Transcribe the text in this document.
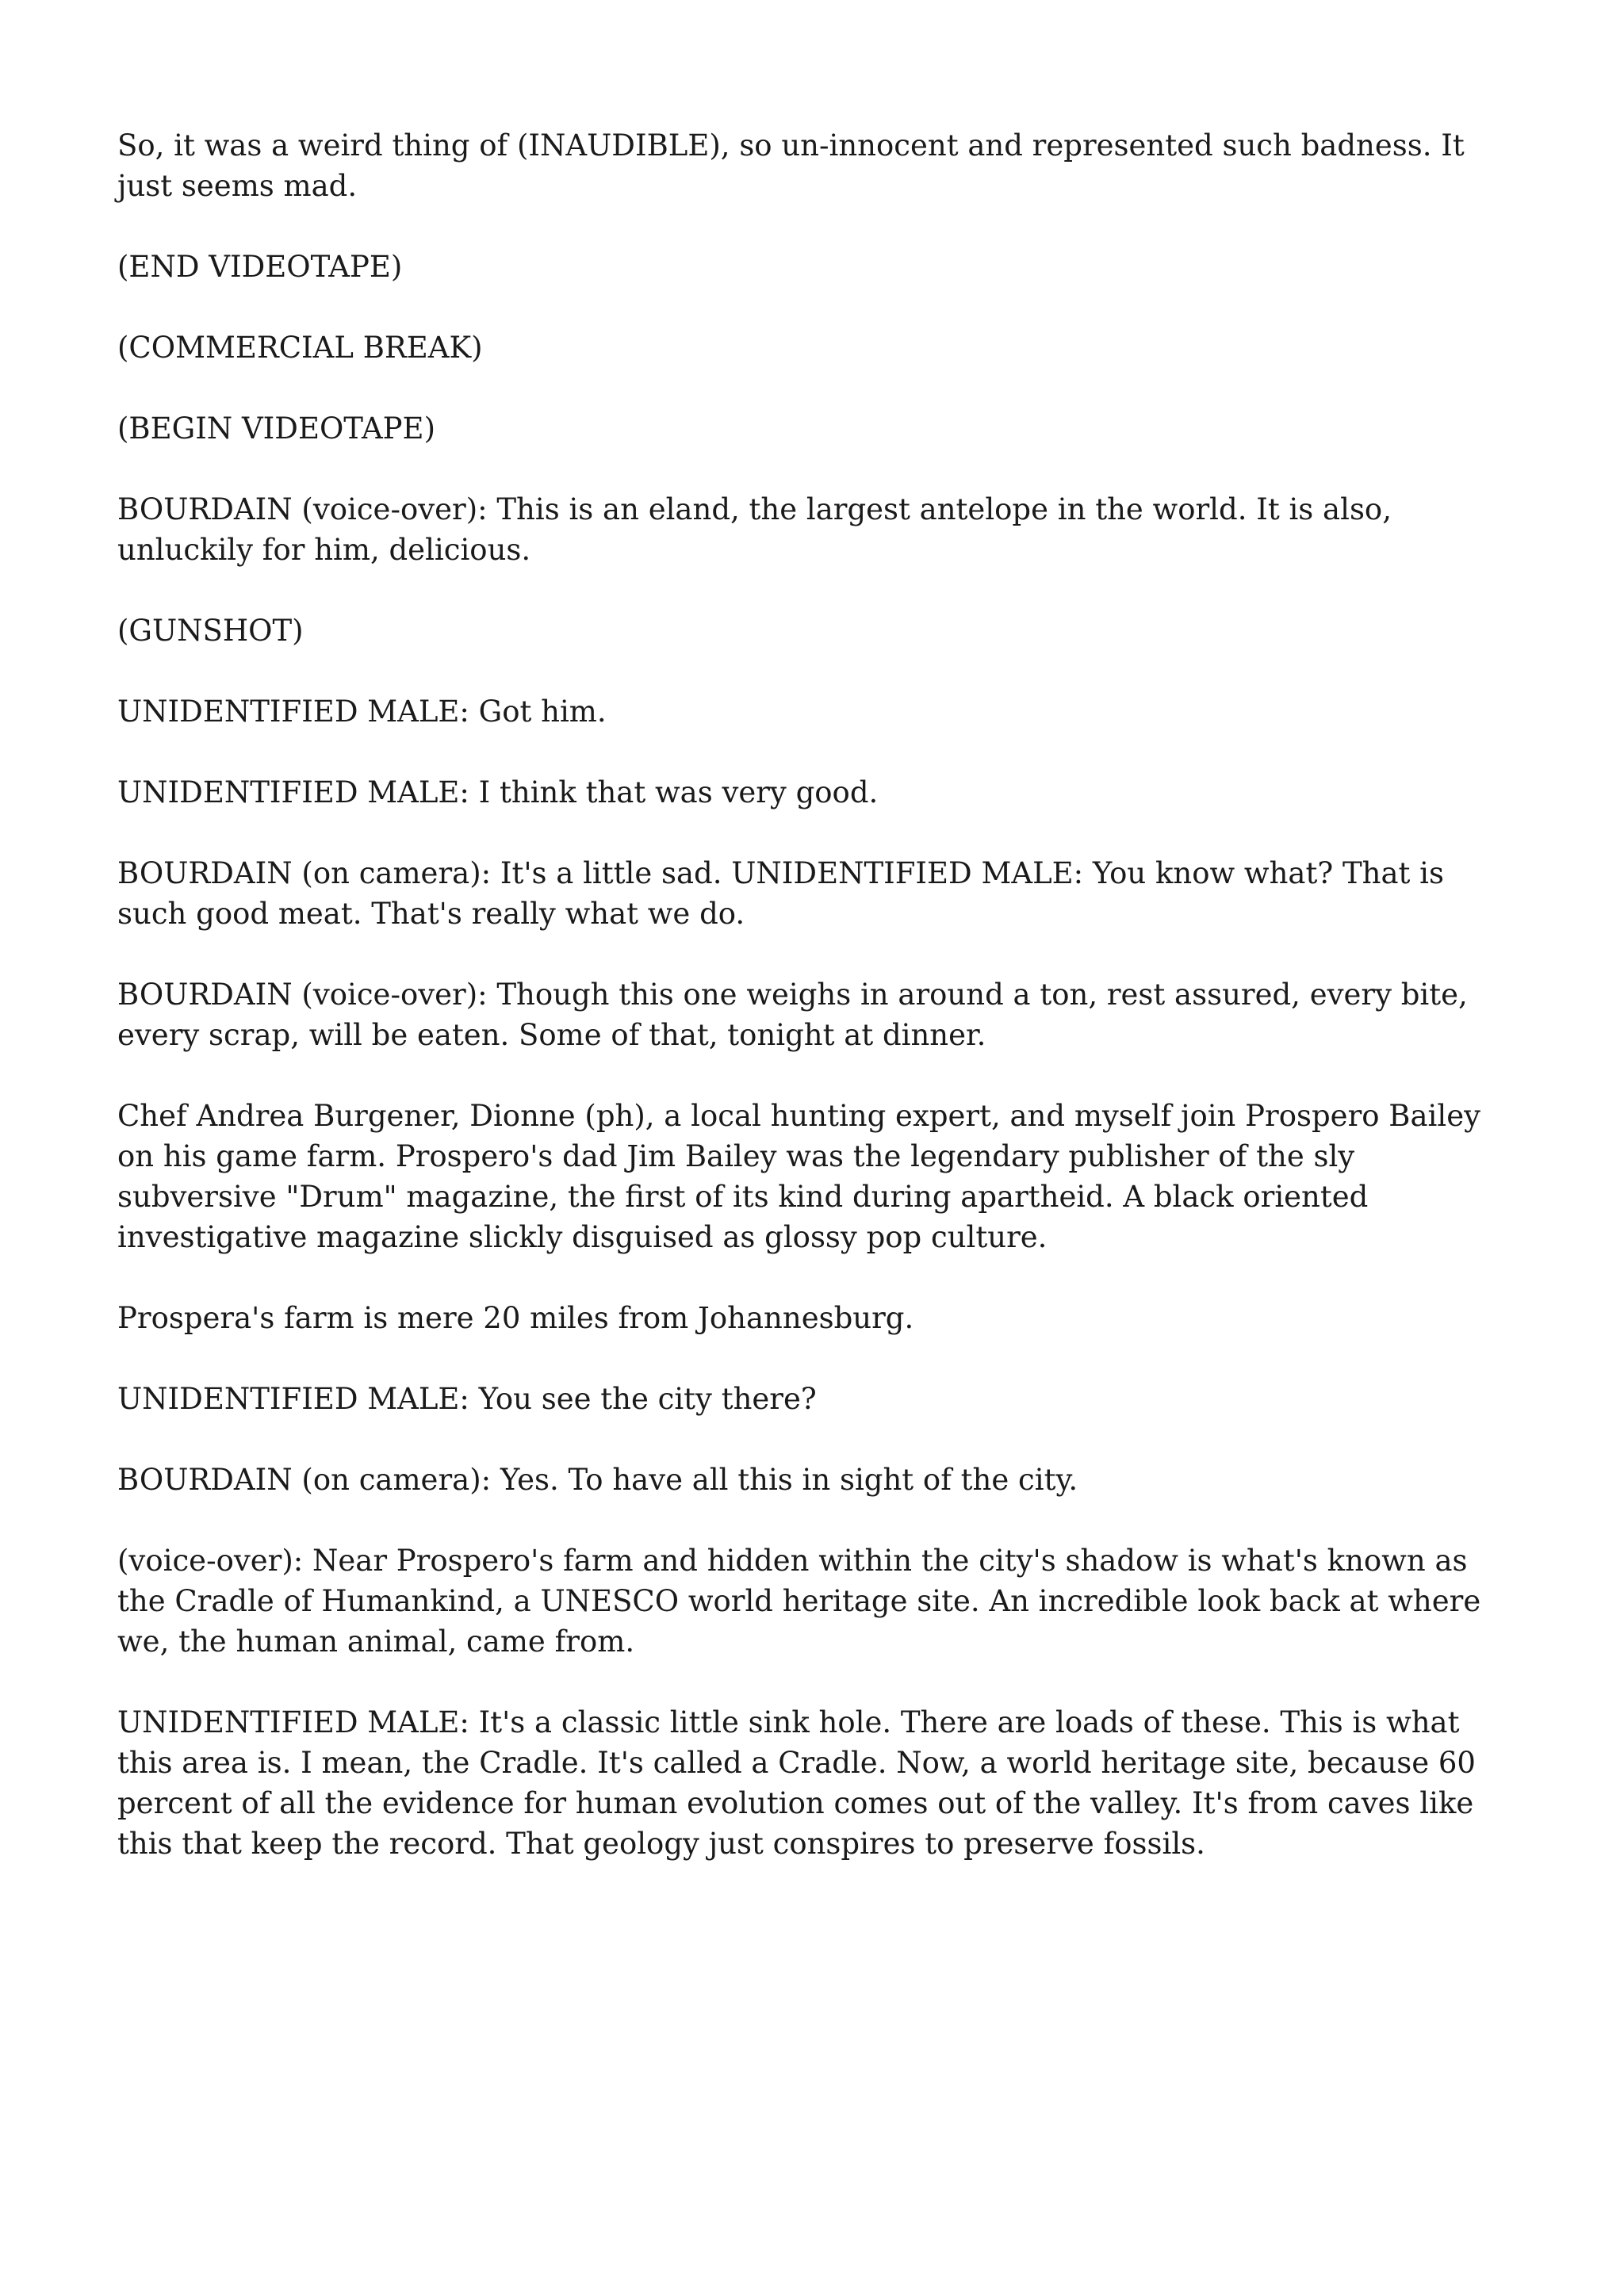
So, it was a weird thing of (INAUDIBLE), so un-innocent and represented such badness. It just seems mad.

(END VIDEOTAPE)

(COMMERCIAL BREAK)

(BEGIN VIDEOTAPE)

BOURDAIN (voice-over): This is an eland, the largest antelope in the world. It is also, unluckily for him, delicious.

(GUNSHOT)

UNIDENTIFIED MALE: Got him.

UNIDENTIFIED MALE: I think that was very good.

BOURDAIN (on camera): It's a little sad. UNIDENTIFIED MALE: You know what? That is such good meat. That's really what we do.

BOURDAIN (voice-over): Though this one weighs in around a ton, rest assured, every bite, every scrap, will be eaten. Some of that, tonight at dinner.

Chef Andrea Burgener, Dionne (ph), a local hunting expert, and myself join Prospero Bailey on his game farm. Prospero's dad Jim Bailey was the legendary publisher of the sly subversive "Drum" magazine, the first of its kind during apartheid. A black oriented investigative magazine slickly disguised as glossy pop culture.

Prospera's farm is mere 20 miles from Johannesburg.

UNIDENTIFIED MALE: You see the city there?

BOURDAIN (on camera): Yes. To have all this in sight of the city.

(voice-over): Near Prospero's farm and hidden within the city's shadow is what's known as the Cradle of Humankind, a UNESCO world heritage site. An incredible look back at where we, the human animal, came from.

UNIDENTIFIED MALE: It's a classic little sink hole. There are loads of these. This is what this area is. I mean, the Cradle. It's called a Cradle. Now, a world heritage site, because 60 percent of all the evidence for human evolution comes out of the valley. It's from caves like this that keep the record. That geology just conspires to preserve fossils.
